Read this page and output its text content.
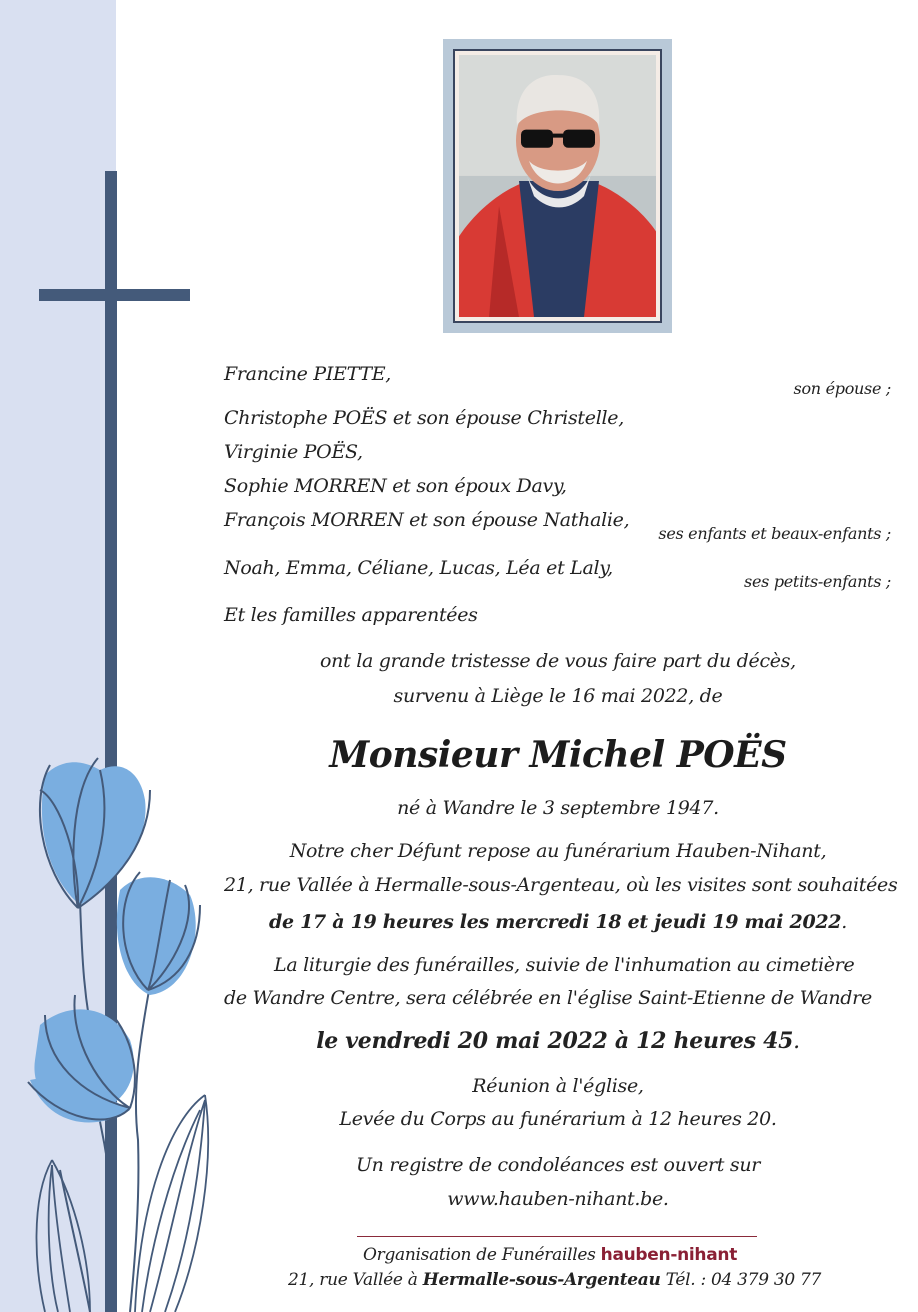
Francine PIETTE,
son épouse ;
Christophe POËS et son épouse Christelle,
Virginie POËS,
Sophie MORREN et son époux Davy,
François MORREN et son épouse Nathalie,
ses enfants et beaux-enfants ;
Noah, Emma, Céliane, Lucas, Léa et Laly,
ses petits-enfants ;
Et les familles apparentées
ont la grande tristesse de vous faire part du décès,
survenu à Liège le 16 mai 2022, de
Monsieur Michel POËS
né à Wandre le 3 septembre 1947.
Notre cher Défunt repose au funérarium Hauben-Nihant,
21, rue Vallée à Hermalle-sous-Argenteau, où les visites sont souhaitées
de 17 à 19 heures les mercredi 18 et jeudi 19 mai 2022.
La liturgie des funérailles, suivie de l'inhumation au cimetière
de Wandre Centre, sera célébrée en l'église Saint-Etienne de Wandre
le vendredi 20 mai 2022 à 12 heures 45.
Réunion à l'église,
Levée du Corps au funérarium à 12 heures 20.
Un registre de condoléances est ouvert sur
www.hauben-nihant.be.
Organisation de Funérailles hauben-nihant
21, rue Vallée à Hermalle-sous-Argenteau Tél. : 04 379 30 77
